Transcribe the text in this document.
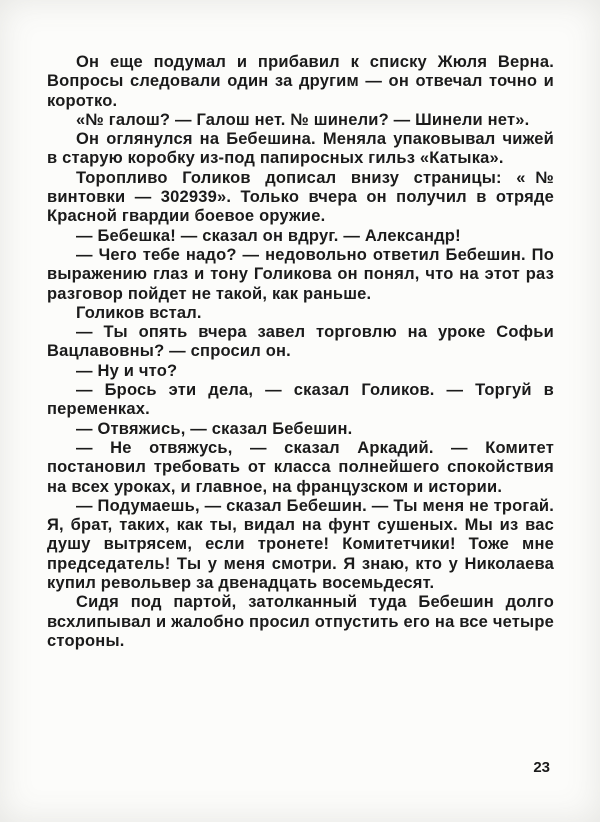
Он еще подумал и прибавил к списку Жюля Верна. Вопросы следовали один за другим — он отвечал точно и коротко.

«№ галош? — Галош нет. № шинели? — Шинели нет».

Он оглянулся на Бебешина. Меняла упаковывал чижей в старую коробку из-под папиросных гильз «Катыка».

Торопливо Голиков дописал внизу страницы: «№ винтовки — 302939». Только вчера он получил в отряде Красной гвардии боевое оружие.

— Бебешка! — сказал он вдруг. — Александр!

— Чего тебе надо? — недовольно ответил Бебешин. По выражению глаз и тону Голикова он понял, что на этот раз разговор пойдет не такой, как раньше.

Голиков встал.

— Ты опять вчера завел торговлю на уроке Софьи Вацлавовны? — спросил он.

— Ну и что?

— Брось эти дела, — сказал Голиков. — Торгуй в переменках.

— Отвяжись, — сказал Бебешин.

— Не отвяжусь, — сказал Аркадий. — Комитет постановил требовать от класса полнейшего спокойствия на всех уроках, и главное, на французском и истории.

— Подумаешь, — сказал Бебешин. — Ты меня не трогай. Я, брат, таких, как ты, видал на фунт сушеных. Мы из вас душу вытрясем, если тронете! Комитетчики! Тоже мне председатель! Ты у меня смотри. Я знаю, кто у Николаева купил револьвер за двенадцать восемьдесят.

Сидя под партой, затолканный туда Бебешин долго всхлипывал и жалобно просил отпустить его на все четыре стороны.

23
